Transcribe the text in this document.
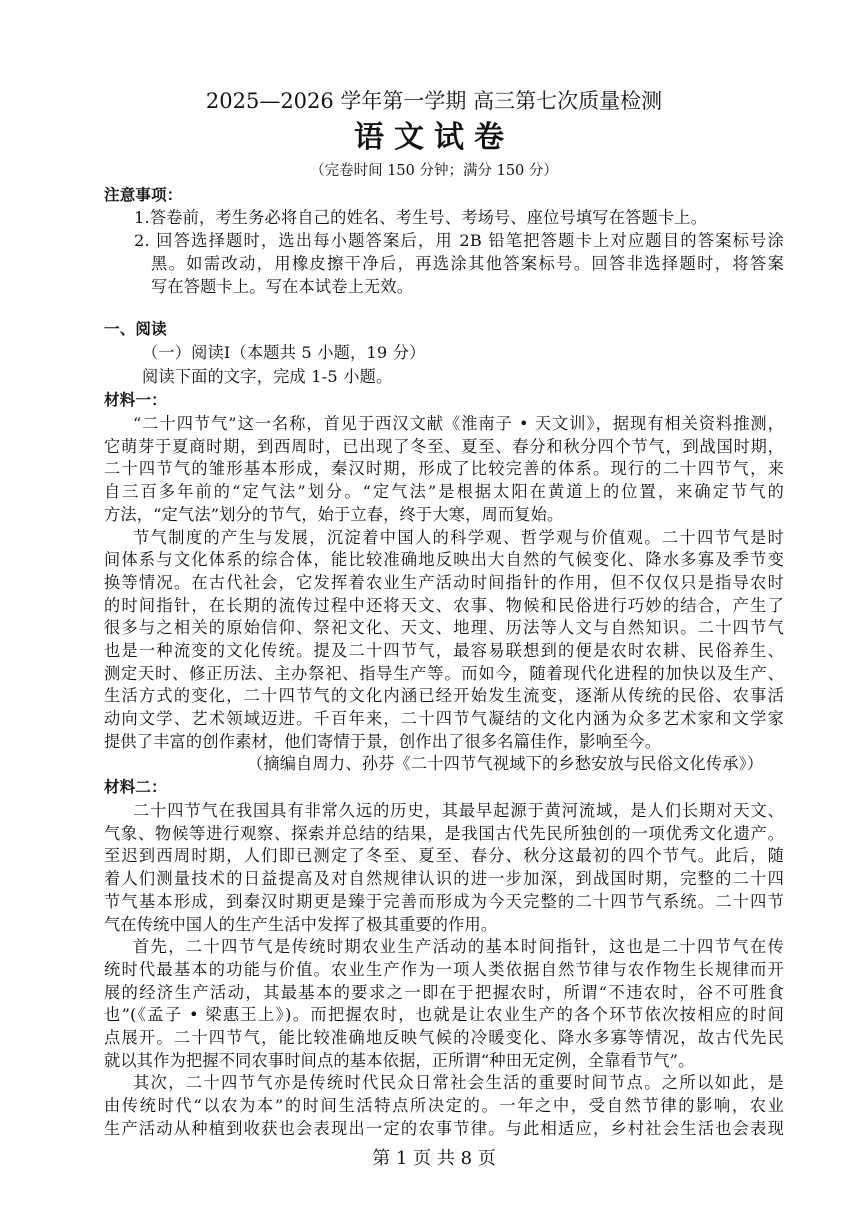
2025—2026 学年第一学期 高三第七次质量检测
语文试卷
（完卷时间 150 分钟；满分 150 分）
注意事项：
1.答卷前，考生务必将自己的姓名、考生号、考场号、座位号填写在答题卡上。
2. 回答选择题时，选出每小题答案后，用 2B 铅笔把答题卡上对应题目的答案标号涂
黑。如需改动，用橡皮擦干净后，再选涂其他答案标号。回答非选择题时，将答案
写在答题卡上。写在本试卷上无效。
一、阅读
（一）阅读Ⅰ（本题共 5 小题，19 分）
阅读下面的文字，完成 1-5 小题。
材料一：
“二十四节气”这一名称，首见于西汉文献《淮南子 • 天文训》，据现有相关资料推测，
它萌芽于夏商时期，到西周时，已出现了冬至、夏至、春分和秋分四个节气，到战国时期，
二十四节气的雏形基本形成，秦汉时期，形成了比较完善的体系。现行的二十四节气，来
自三百多年前的“定气法”划分。“定气法”是根据太阳在黄道上的位置，来确定节气的
方法，“定气法”划分的节气，始于立春，终于大寒，周而复始。
节气制度的产生与发展，沉淀着中国人的科学观、哲学观与价值观。二十四节气是时
间体系与文化体系的综合体，能比较准确地反映出大自然的气候变化、降水多寡及季节变
换等情况。在古代社会，它发挥着农业生产活动时间指针的作用，但不仅仅只是指导农时
的时间指针，在长期的流传过程中还将天文、农事、物候和民俗进行巧妙的结合，产生了
很多与之相关的原始信仰、祭祀文化、天文、地理、历法等人文与自然知识。二十四节气
也是一种流变的文化传统。提及二十四节气，最容易联想到的便是农时农耕、民俗养生、
测定天时、修正历法、主办祭祀、指导生产等。而如今，随着现代化进程的加快以及生产、
生活方式的变化，二十四节气的文化内涵已经开始发生流变，逐渐从传统的民俗、农事活
动向文学、艺术领域迈进。千百年来，二十四节气凝结的文化内涵为众多艺术家和文学家
提供了丰富的创作素材，他们寄情于景，创作出了很多名篇佳作，影响至今。
（摘编自周力、孙芬《二十四节气视域下的乡愁安放与民俗文化传承》）
材料二：
二十四节气在我国具有非常久远的历史，其最早起源于黄河流域，是人们长期对天文、
气象、物候等进行观察、探索并总结的结果，是我国古代先民所独创的一项优秀文化遗产。
至迟到西周时期，人们即已测定了冬至、夏至、春分、秋分这最初的四个节气。此后，随
着人们测量技术的日益提高及对自然规律认识的进一步加深，到战国时期，完整的二十四
节气基本形成，到秦汉时期更是臻于完善而形成为今天完整的二十四节气系统。二十四节
气在传统中国人的生产生活中发挥了极其重要的作用。
首先，二十四节气是传统时期农业生产活动的基本时间指针，这也是二十四节气在传
统时代最基本的功能与价值。农业生产作为一项人类依据自然节律与农作物生长规律而开
展的经济生产活动，其最基本的要求之一即在于把握农时，所谓“不违农时，谷不可胜食
也”(《孟子 • 梁惠王上》)。而把握农时，也就是让农业生产的各个环节依次按相应的时间
点展开。二十四节气，能比较准确地反映气候的冷暖变化、降水多寡等情况，故古代先民
就以其作为把握不同农事时间点的基本依据，正所谓“种田无定例，全靠看节气”。
其次，二十四节气亦是传统时代民众日常社会生活的重要时间节点。之所以如此，是
由传统时代“以农为本”的时间生活特点所决定的。一年之中，受自然节律的影响，农业
生产活动从种植到收获也会表现出一定的农事节律。与此相适应，乡村社会生活也会表现
第 1 页 共 8 页
